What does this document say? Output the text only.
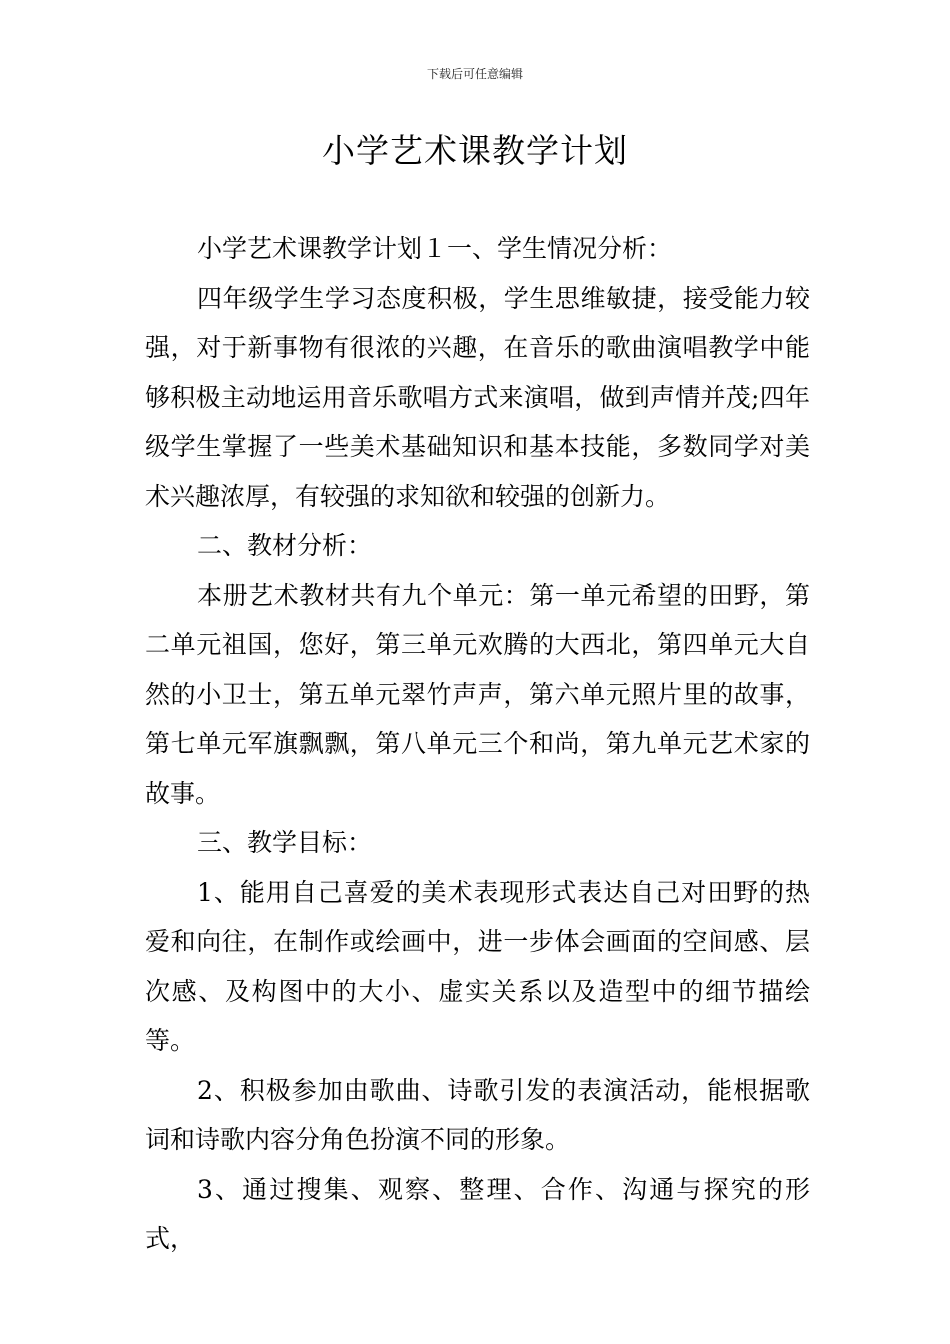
下载后可任意编辑
小学艺术课教学计划

小学艺术课教学计划１一、学生情况分析：

四年级学生学习态度积极，学生思维敏捷，接受能力较强，对于新事物有很浓的兴趣，在音乐的歌曲演唱教学中能够积极主动地运用音乐歌唱方式来演唱，做到声情并茂;四年级学生掌握了一些美术基础知识和基本技能，多数同学对美术兴趣浓厚，有较强的求知欲和较强的创新力。

二、教材分析：

本册艺术教材共有九个单元：第一单元希望的田野，第二单元祖国，您好，第三单元欢腾的大西北，第四单元大自然的小卫士，第五单元翠竹声声，第六单元照片里的故事，第七单元军旗飘飘，第八单元三个和尚，第九单元艺术家的故事。

三、教学目标：

1、能用自己喜爱的美术表现形式表达自己对田野的热爱和向往，在制作或绘画中，进一步体会画面的空间感、层次感、及构图中的大小、虚实关系以及造型中的细节描绘等。

2、积极参加由歌曲、诗歌引发的表演活动，能根据歌词和诗歌内容分角色扮演不同的形象。

3、通过搜集、观察、整理、合作、沟通与探究的形式，
